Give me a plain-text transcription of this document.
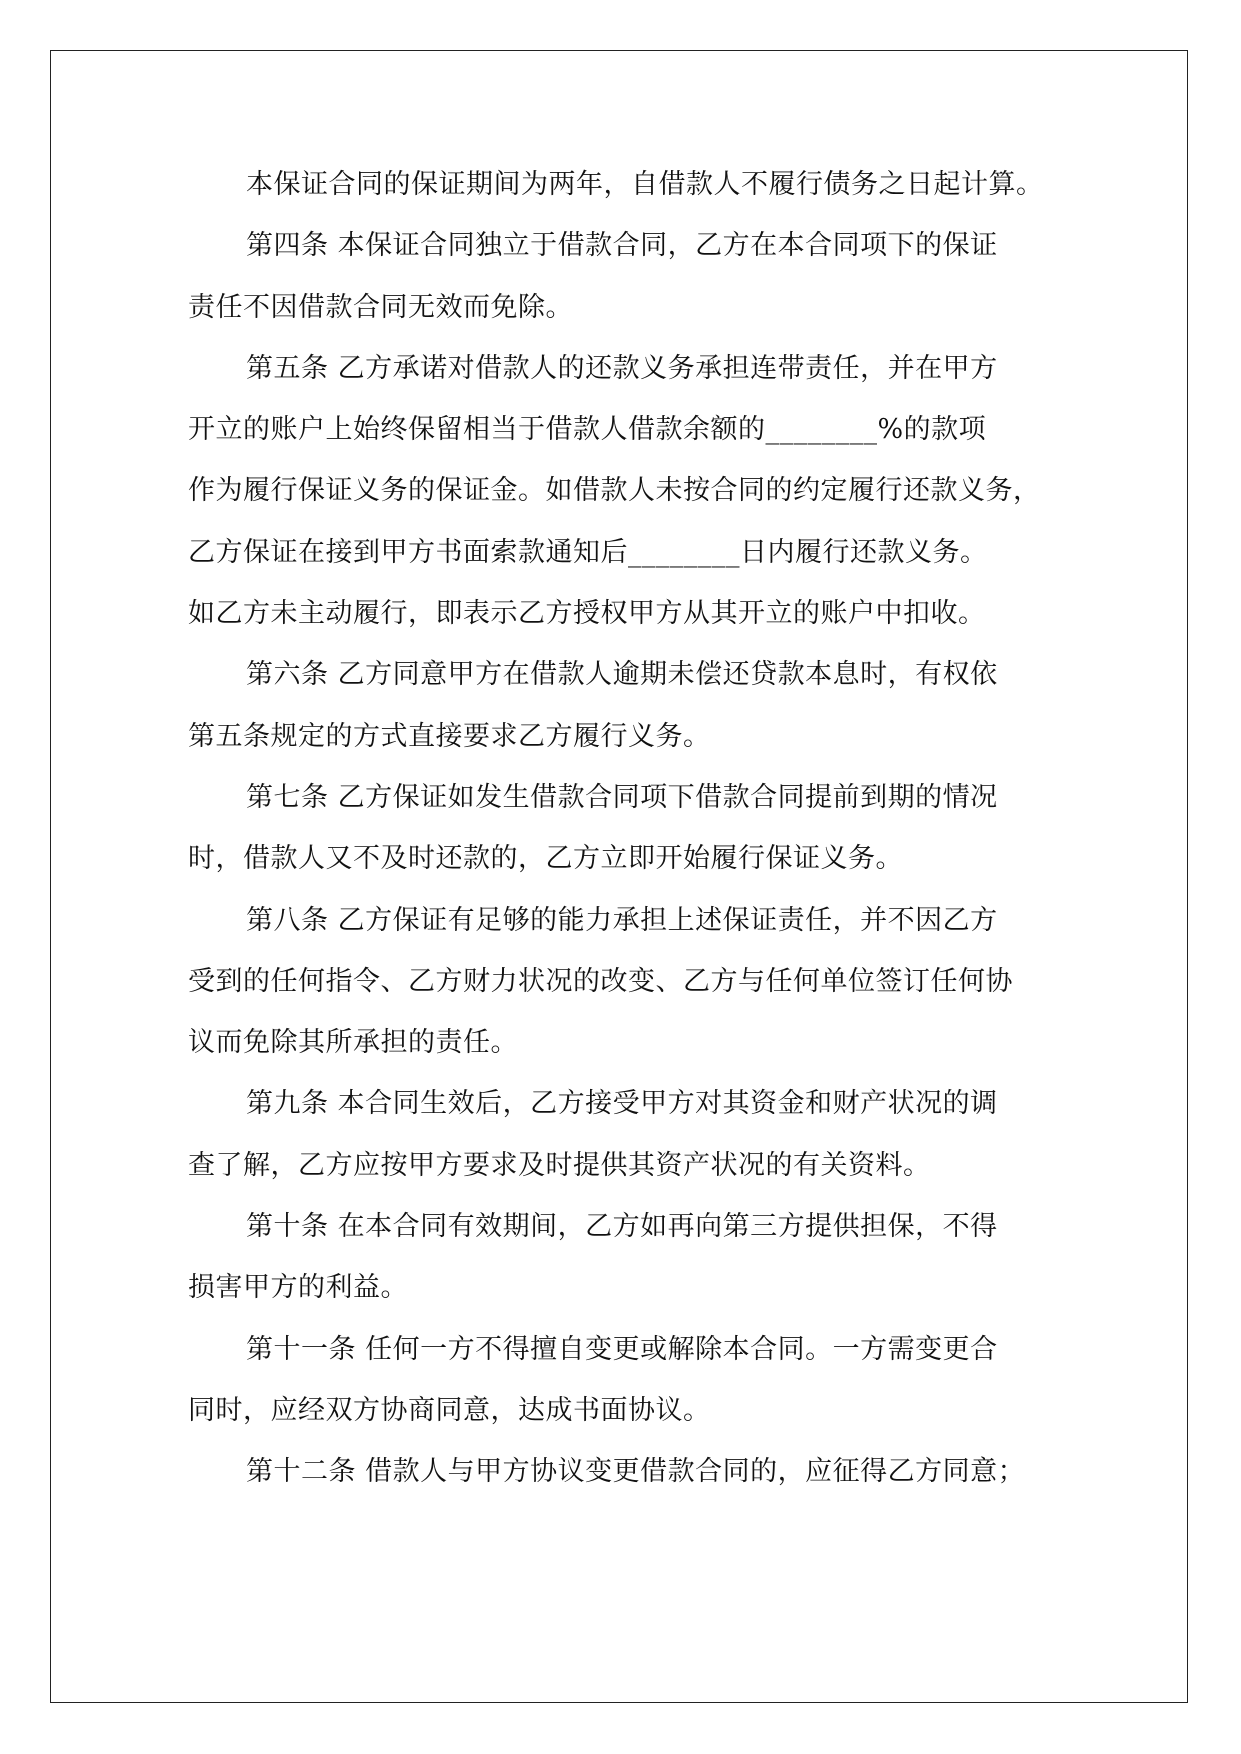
本保证合同的保证期间为两年，自借款人不履行债务之日起计算。
第四条 本保证合同独立于借款合同，乙方在本合同项下的保证
责任不因借款合同无效而免除。
第五条 乙方承诺对借款人的还款义务承担连带责任，并在甲方
开立的账户上始终保留相当于借款人借款余额的________%的款项
作为履行保证义务的保证金。如借款人未按合同的约定履行还款义务，
乙方保证在接到甲方书面索款通知后________日内履行还款义务。
如乙方未主动履行，即表示乙方授权甲方从其开立的账户中扣收。
第六条 乙方同意甲方在借款人逾期未偿还贷款本息时，有权依
第五条规定的方式直接要求乙方履行义务。
第七条 乙方保证如发生借款合同项下借款合同提前到期的情况
时，借款人又不及时还款的，乙方立即开始履行保证义务。
第八条 乙方保证有足够的能力承担上述保证责任，并不因乙方
受到的任何指令、乙方财力状况的改变、乙方与任何单位签订任何协
议而免除其所承担的责任。
第九条 本合同生效后，乙方接受甲方对其资金和财产状况的调
查了解，乙方应按甲方要求及时提供其资产状况的有关资料。
第十条 在本合同有效期间，乙方如再向第三方提供担保，不得
损害甲方的利益。
第十一条 任何一方不得擅自变更或解除本合同。一方需变更合
同时，应经双方协商同意，达成书面协议。
第十二条 借款人与甲方协议变更借款合同的，应征得乙方同意；
